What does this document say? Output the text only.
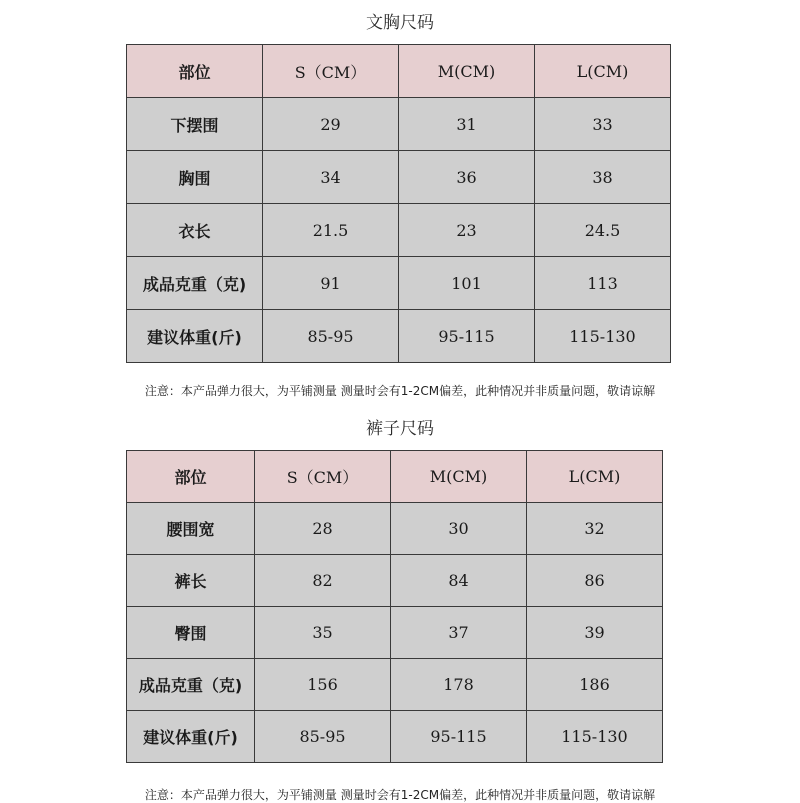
文胸尺码
部位	S（CM）	M(CM)	L(CM)
下摆围	29	31	33
胸围	34	36	38
衣长	21.5	23	24.5
成品克重（克)	91	101	113
建议体重(斤)	85-95	95-115	115-130
注意：本产品弹力很大，为平铺测量 测量时会有1-2CM偏差，此种情况并非质量问题，敬请谅解
裤子尺码
部位	S（CM）	M(CM)	L(CM)
腰围宽	28	30	32
裤长	82	84	86
臀围	35	37	39
成品克重（克)	156	178	186
建议体重(斤)	85-95	95-115	115-130
注意：本产品弹力很大，为平铺测量 测量时会有1-2CM偏差，此种情况并非质量问题，敬请谅解
